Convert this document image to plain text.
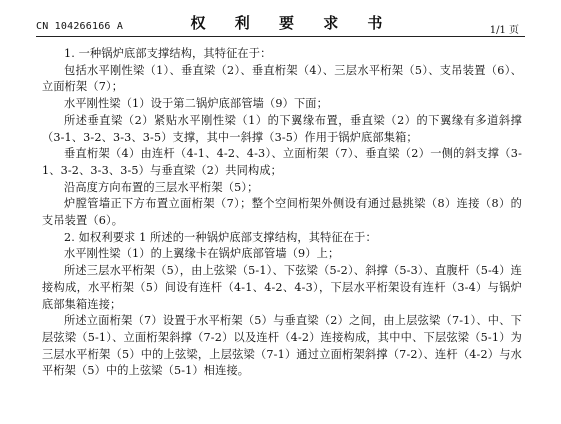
CN 104266166 A	权 利 要 求 书	1/1 页

1. 一种锅炉底部支撑结构，其特征在于：

包括水平刚性梁（1）、垂直梁（2）、垂直桁架（4）、三层水平桁架（5）、支吊装置（6）、立面桁架（7）；

水平刚性梁（1）设于第二锅炉底部管墙（9）下面；

所述垂直梁（2）紧贴水平刚性梁（1）的下翼缘布置，垂直梁（2）的下翼缘有多道斜撑（3-1、3-2、3-3、3-5）支撑，其中一斜撑（3-5）作用于锅炉底部集箱；

垂直桁架（4）由连杆（4-1、4-2、4-3）、立面桁架（7）、垂直梁（2）一侧的斜支撑（3-1、3-2、3-3、3-5）与垂直梁（2）共同构成；

沿高度方向布置的三层水平桁架（5）；

炉膛管墙正下方布置立面桁架（7）；整个空间桁架外侧设有通过悬挑梁（8）连接（8）的支吊装置（6）。

2. 如权利要求 1 所述的一种锅炉底部支撑结构，其特征在于：

水平刚性梁（1）的上翼缘卡在锅炉底部管墙（9）上；

所述三层水平桁架（5），由上弦梁（5-1）、下弦梁（5-2）、斜撑（5-3）、直腹杆（5-4）连接构成，水平桁架（5）间设有连杆（4-1、4-2、4-3），下层水平桁架设有连杆（3-4）与锅炉底部集箱连接；

所述立面桁架（7）设置于水平桁架（5）与垂直梁（2）之间，由上层弦梁（7-1）、中、下层弦梁（5-1）、立面桁架斜撑（7-2）以及连杆（4-2）连接构成，其中中、下层弦梁（5-1）为三层水平桁架（5）中的上弦梁，上层弦梁（7-1）通过立面桁架斜撑（7-2）、连杆（4-2）与水平桁架（5）中的上弦梁（5-1）相连接。
